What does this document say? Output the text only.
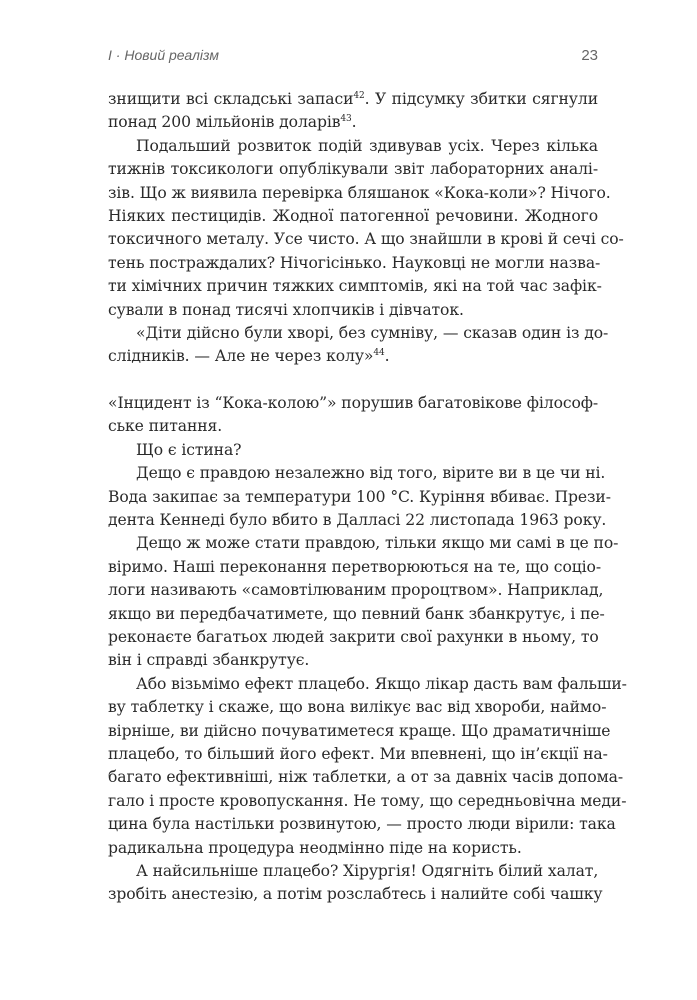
I · Новий реалізм	23
знищити всі складські запаси$^{42}$. У підсумку збитки сягнули
понад 200 мільйонів доларів$^{43}$.
Подальший розвиток подій здивував усіх. Через кілька
тижнів токсикологи опублікували звіт лабораторних аналі-
зів. Що ж виявила перевірка бляшанок «Кока-коли»? Нічого.
Ніяких пестицидів. Жодної патогенної речовини. Жодного
токсичного металу. Усе чисто. А що знайшли в крові й сечі со-
тень постраждалих? Нічогісінько. Науковці не могли назва-
ти хімічних причин тяжких симптомів, які на той час зафік-
сували в понад тисячі хлопчиків і дівчаток.
«Діти дійсно були хворі, без сумніву, — сказав один із до-
слідників. — Але не через колу»$^{44}$.
«Інцидент із “Кока-колою”» порушив багатовікове філософ-
ське питання.
Що є істина?
Дещо є правдою незалежно від того, вірите ви в це чи ні.
Вода закипає за температури 100 °C. Куріння вбиває. Прези-
дента Кеннеді було вбито в Далласі 22 листопада 1963 року.
Дещо ж може стати правдою, тільки якщо ми самі в це по-
віримо. Наші переконання перетворюються на те, що соціо-
логи називають «самовтілюваним пророцтвом». Наприклад,
якщо ви передбачатимете, що певний банк збанкрутує, і пе-
реконаєте багатьох людей закрити свої рахунки в ньому, то
він і справді збанкрутує.
Або візьмімо ефект плацебо. Якщо лікар дасть вам фальши-
ву таблетку і скаже, що вона вилікує вас від хвороби, наймо-
вірніше, ви дійсно почуватиметеся краще. Що драматичніше
плацебо, то більший його ефект. Ми впевнені, що ін’єкції на-
багато ефективніші, ніж таблетки, а от за давніх часів допома-
гало і просте кровопускання. Не тому, що середньовічна меди-
цина була настільки розвинутою, — просто люди вірили: така
радикальна процедура неодмінно піде на користь.
А найсильніше плацебо? Хірургія! Одягніть білий халат,
зробіть анестезію, а потім розслабтесь і налийте собі чашку
